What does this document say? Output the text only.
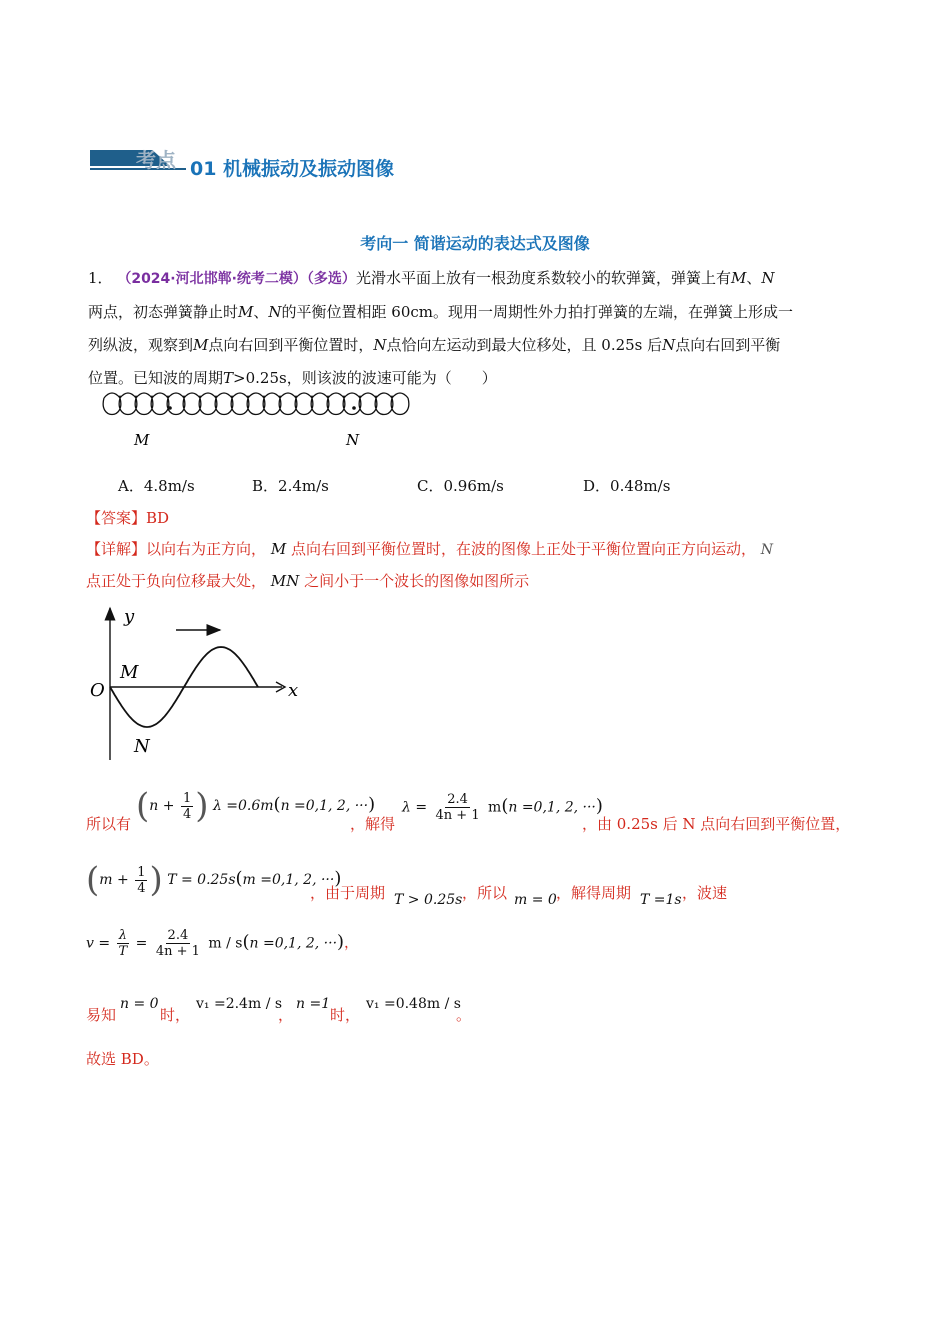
考点 01 机械振动及振动图像
考向一 简谐运动的表达式及图像
1． （2024·河北邯郸·统考二模）（多选）光滑水平面上放有一根劲度系数较小的软弹簧，弹簧上有M、N
两点，初态弹簧静止时M、N的平衡位置相距 60cm。现用一周期性外力拍打弹簧的左端，在弹簧上形成一
列纵波，观察到M点向右回到平衡位置时，N点恰向左运动到最大位移处，且 0.25s 后N点向右回到平衡
位置。已知波的周期T>0.25s，则该波的波速可能为（　　）
M	N
A．4.8m/s	B．2.4m/s	C．0.96m/s	D．0.48m/s
【答案】BD
【详解】以向右为正方向， M 点向右回到平衡位置时，在波的图像上正处于平衡位置向正方向运动， N
点正处于负向位移最大处， MN 之间小于一个波长的图像如图所示
y
O
M
N
x
所以有 ($n + \frac{1}{4}$ ) λ =0.6m(n =0,1, 2, ···)
，解得
$\lambda = \frac{2.4}{4n + 1} m(n =0,1$, 2, ···)
，由 0.25s 后 N 点向右回到平衡位置，
($m + \frac{1}{4}$ ) T = 0.25s(m =0,1, 2, ···)
，由于周期 T > 0.25s ，所以 m = 0 ，解得周期 T =1s ，波速
$v = \frac{\lambda}{T} = \frac{2.4}{4n + 1}$ m / s(n =0,1, 2, ···)，
易知
n = 0
时，
v₁ =2.4m / s
，
n =1
时，
v₁ =0.48m / s
。
故选 BD。
